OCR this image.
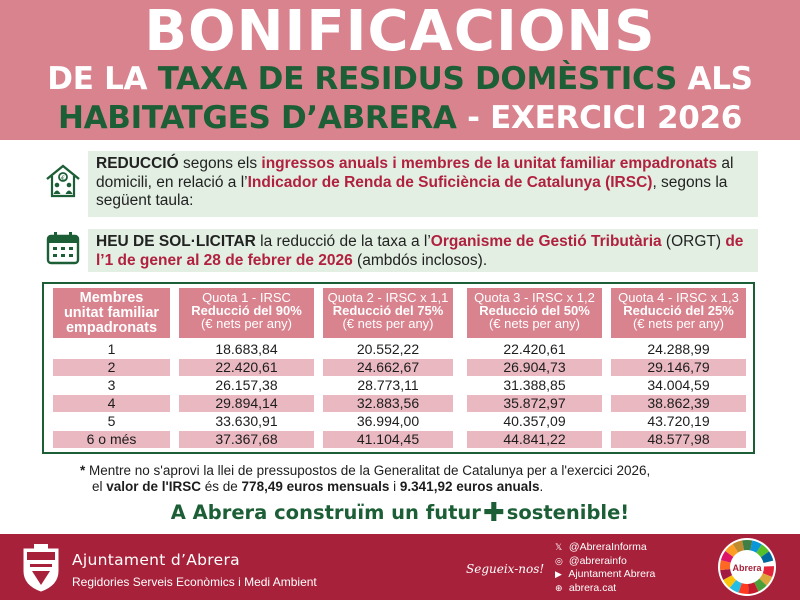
BONIFICACIONS
DE LA TAXA DE RESIDUS DOMÈSTICS ALS
HABITATGES D’ABRERA - EXERCICI 2026
€
REDUCCIÓ segons els ingressos anuals i membres de la unitat familiar empadronats al domicili, en relació a l’Indicador de Renda de Suficiència de Catalunya (IRSC), segons la següent taula:
HEU DE SOL·LICITAR la reducció de la taxa a l’Organisme de Gestió Tributària (ORGT) de l’1 de gener al 28 de febrer de 2026 (ambdós inclosos).
Membres
unitat familiar
empadronats
Quota 1 - IRSC
Reducció del 90%
(€ nets per any)
Quota 2 - IRSC x 1,1
Reducció del 75%
(€ nets per any)
Quota 3 - IRSC x 1,2
Reducció del 50%
(€ nets per any)
Quota 4 - IRSC x 1,3
Reducció del 25%
(€ nets per any)
1
2
3
4
5
6 o més
18.683,84
22.420,61
26.157,38
29.894,14
33.630,91
37.367,68
20.552,22
24.662,67
28.773,11
32.883,56
36.994,00
41.104,45
22.420,61
26.904,73
31.388,85
35.872,97
40.357,09
44.841,22
24.288,99
29.146,79
34.004,59
38.862,39
43.720,19
48.577,98
* Mentre no s'aprovi la llei de pressupostos de la Generalitat de Catalunya per a l'exercici 2026,
el valor de l'IRSC és de 778,49 euros mensuals i 9.341,92 euros anuals.
A Abrera construïm un futur✚ sostenible!
Ajuntament d’Abrera
Regidories Serveis Econòmics i Medi Ambient
Segueix-nos!
𝕏 @AbreraInforma
◎ @abrerainfo
▶ Ajuntament Abrera
⊕ abrera.cat
Abrera
